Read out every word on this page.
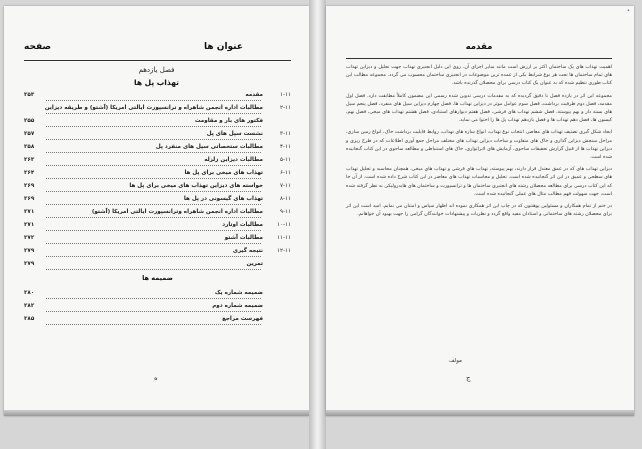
صفحه	عنوان ها
فصل یازدهم
تهذاب پل ها
۱-۱۱
مقدمه
۲۵۳
۲-۱۱
مطالبات اداره انجمن شاهراه و ترانسپورت ایالتی امریکا (آشتو) و طریقه دیزاین
فکتور های بار و مقاومت
۲۵۵
۳-۱۱
نشست سپل های پل
۲۵۷
۴-۱۱
مطالبات ستخصاتی سپل های منفرد پل
۲۵۸
۵-۱۱
مطالبات دیزاین زلزله
۲۶۳
۶-۱۱
تهذاب های میخی برای پل ها
۲۶۴
۷-۱۱
خواسته های دیزاین تهذاب های میخی برای پل ها
۲۶۹
۸-۱۱
تهذاب های گیسونی در پل ها
۲۶۹
۹-۱۱
مطالبات اداره انجمن شاهراه وترانسپورت ایالتی امریکا (آشتو)
۲۷۱
۱۰-۱۱
مطالبات اوتارد
۲۷۱
۱۱-۱۱
مطالبات آشتو
۲۷۲
۱۲-۱۱
نتیجه گیری
۲۷۹
تمرین
۲۷۹
ضمیمه ها
ضمیمه شماره یک
۲۸۰
ضمیمه شماره دوم
۲۸۲
فهرست مراجع
۲۸۵
ه
•
مقدمه

اهمیت تهذاب های یک ساختمان اکثر بر ارزش است مانند سایر اجزای آن. روی این دلیل انجنیری تهذاب جهت تحلیل و دیزاین تهذاب های تمام ساختمان ها تحت هر نوع شرایط یکی از عمده ترین موضوعات در انجنیری ساختمان محسوب می گردد. مجموعه مطالب این کتاب طوری تنظیم شده که به عنوان یک کتاب درسی برای محصلان گذرنده باشد.

مجموعه این اثر در یازده فصل با دقیق گردیده که به مقدمات درسی تدوین شده رسمی این مضمون کاملاً مطابقت دارد. فصل اول مقدمه، فصل دوم ظرفیت برداشت، فصل سوم عوامل موثر در دیزاین تهذاب ها، فصل چهارم دیزاین سپل های منفرد، فصل پنجم سپل های بسته دار و بهم پیوسته، فصل ششم تهذاب های فرشی، فصل هفتم دیوارهای استنادی، فصل هشتم تهذاب های میخی، فصل نهم، کیسون ها، فصل دهم تهذاب ها و فصل یازدهم تهذاب پل ها را احتوا می نماید.

ایجاد شکل گیری تصنیف تهذاب های معاصر، انتخاب نوع تهذاب، انواع سازه های تهذاب، روابط قابلیت برداشت خاک، انواع زمین سازی، مراحل سنجش دیزاین گذاری و خاک های متفاوت و ساحات دیزاین تهذاب های مختلف مراحل جمع آوری اطلاعات که در طرح ریزی و دیزاین تهذاب ها از قبیل گزارش تحقیقات ساحوی، آزمایش های لابراتواری، خاک های استنباطی و مطالعه ساحوی در این کتاب گنجانیده شده است.

دیزاین تهذاب های که در عمق معتدل قرار دارند، بهم پیوسته، تهذاب های فرشی و تهذاب های میخی، همچنان محاسبه و تحلیل تهذاب های سطحی و عمیق در این اثر گنجانیده شده است. تحلیل و محاسبات تهذاب های معاصر در این کتاب شرح داده شده است. از آن جا که این کتاب درسی برای مطالعه محصلان رشته های انجنیری ساختمان ها و ترانسپورت و ساختمان های هایدرولیکی به نظر گرفته شده است، جهت سهولت فهم مطالب مثال های عملی گنجانیده شده است.

در ختم از تمام همکاران و مسئولین پوهنتون که در چاپ این اثر همکاری نموده اند اظهار سپاس و امتنان می نمایم. امید است این اثر برای محصلان رشته های ساختمانی و استادان مفید واقع گردد و نظریات و پیشنهادات خوانندگان گرامی را جهت بهبود آن خواهانم.

مولف
ج
